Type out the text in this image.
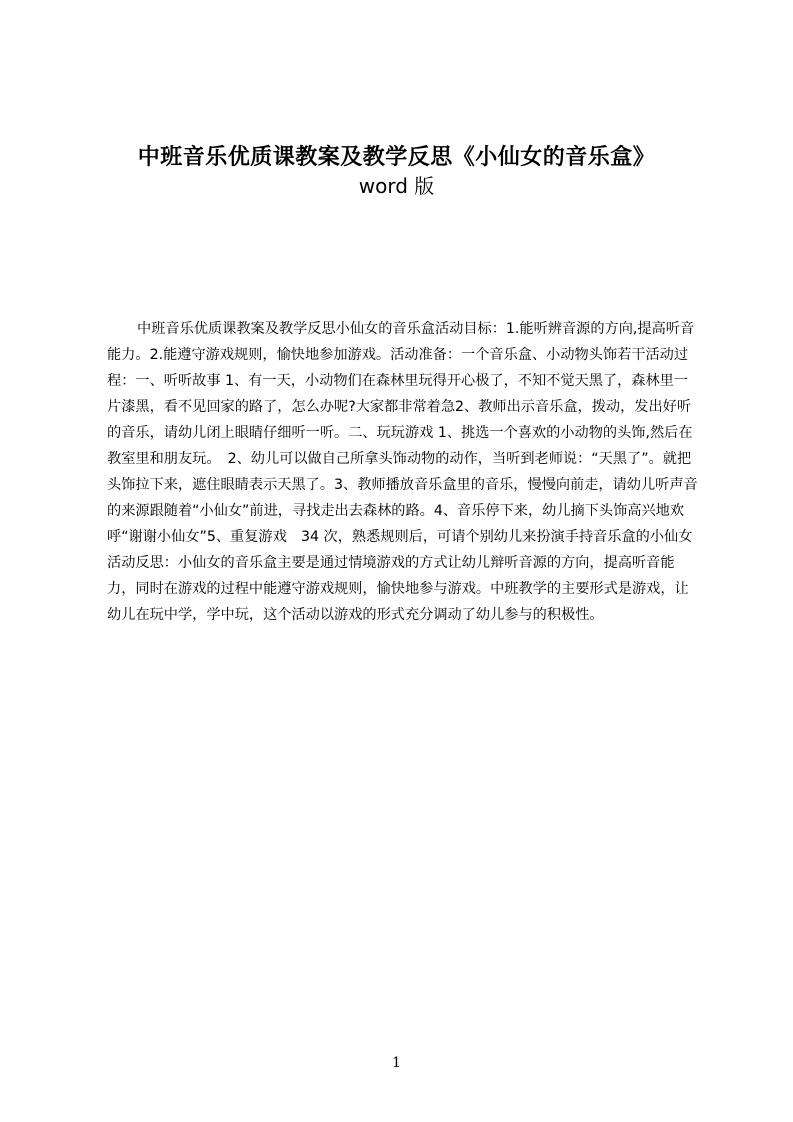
中班音乐优质课教案及教学反思《小仙女的音乐盒》
word 版

中班音乐优质课教案及教学反思小仙女的音乐盒活动目标：1.能听辨音源的方向,提高听音能力。2.能遵守游戏规则，愉快地参加游戏。活动准备：一个音乐盒、小动物头饰若干活动过程：一、听听故事 1、有一天，小动物们在森林里玩得开心极了，不知不觉天黑了，森林里一片漆黑，看不见回家的路了，怎么办呢?大家都非常着急2、教师出示音乐盒，拨动，发出好听的音乐，请幼儿闭上眼睛仔细听一听。二、玩玩游戏 1、挑选一个喜欢的小动物的头饰,然后在教室里和朋友玩。　2、幼儿可以做自己所拿头饰动物的动作，当听到老师说：“天黑了”。就把头饰拉下来，遮住眼睛表示天黑了。3、教师播放音乐盒里的音乐，慢慢向前走，请幼儿听声音的来源跟随着“小仙女”前进，寻找走出去森林的路。4、音乐停下来，幼儿摘下头饰高兴地欢呼“谢谢小仙女”5、重复游戏　34 次，熟悉规则后，可请个别幼儿来扮演手持音乐盒的小仙女活动反思：小仙女的音乐盒主要是通过情境游戏的方式让幼儿辩听音源的方向，提高听音能力，同时在游戏的过程中能遵守游戏规则，愉快地参与游戏。中班教学的主要形式是游戏，让幼儿在玩中学，学中玩，这个活动以游戏的形式充分调动了幼儿参与的积极性。

1
